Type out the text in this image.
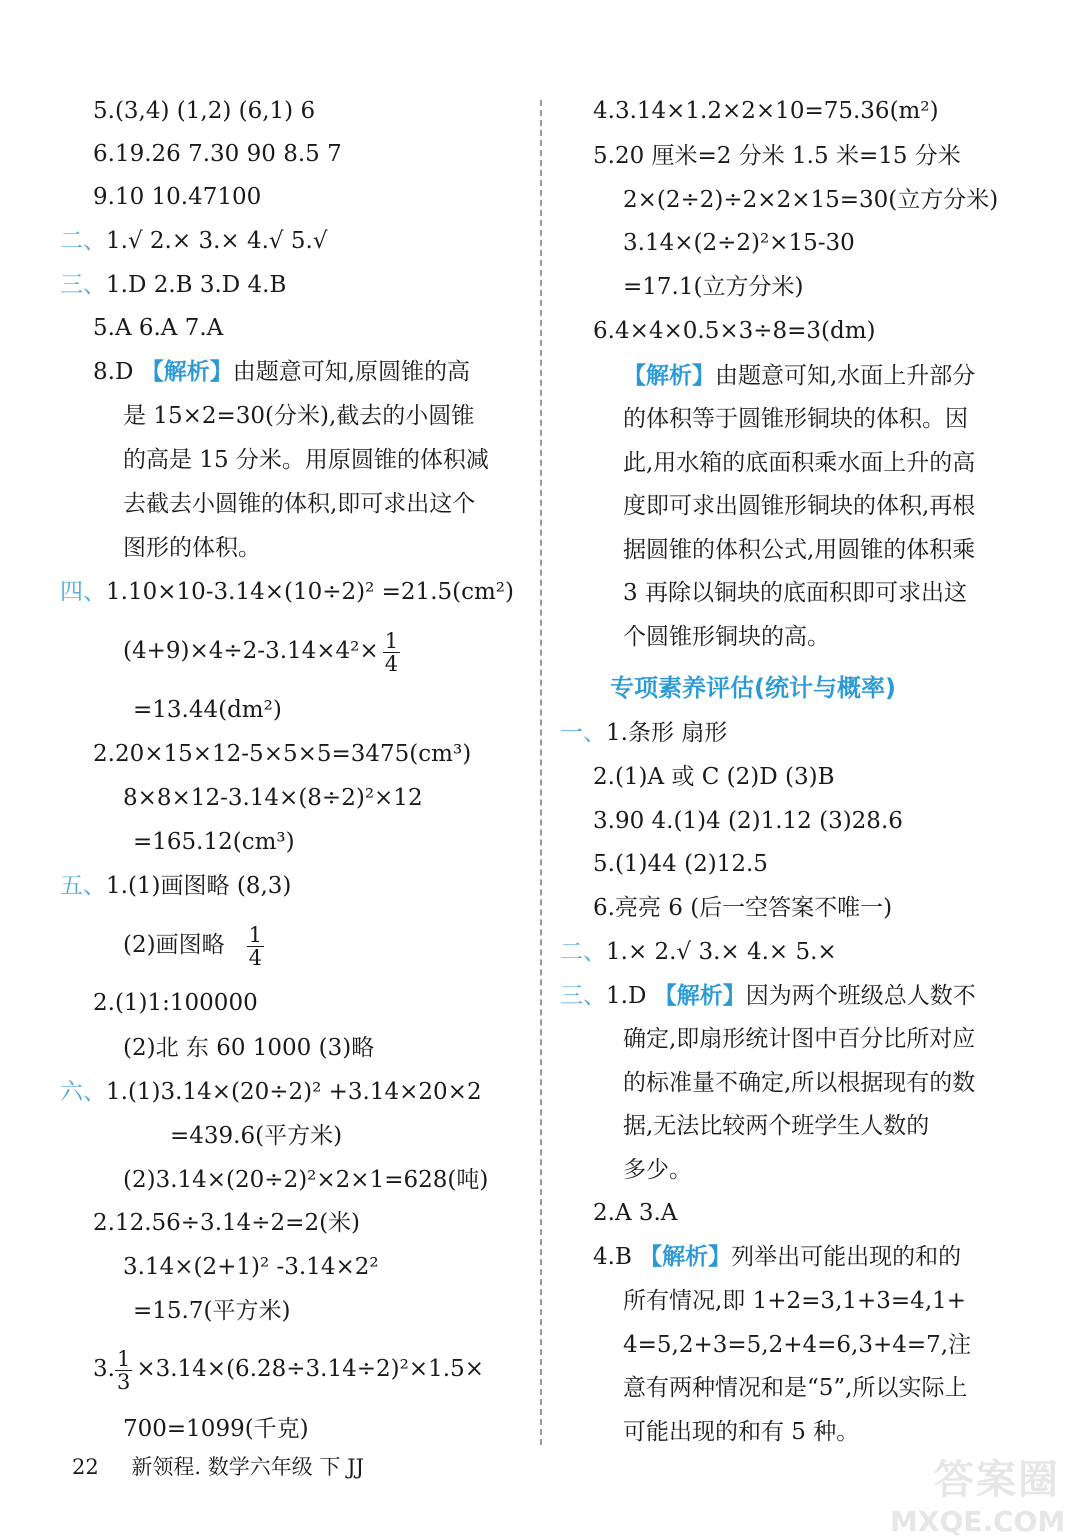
5.(3,4) (1,2) (6,1) 6
6.19.26 7.30 90 8.5 7
9.10 10.47100
二、1.√ 2.× 3.× 4.√ 5.√
三、1.D 2.B 3.D 4.B
5.A 6.A 7.A
8.D 【解析】由题意可知,原圆锥的高
是 15×2=30(分米),截去的小圆锥
的高是 15 分米。用原圆锥的体积减
去截去小圆锥的体积,即可求出这个
图形的体积。
四、1.10×10-3.14×(10÷2)² =21.5(cm²)
$(4+9)\times 4\div 2-3.14\times 4^2\times \frac{1}{4}$
=13.44(dm²)
2.20×15×12-5×5×5=3475(cm³)
8×8×12-3.14×(8÷2)²×12
=165.12(cm³)
五、1.(1)画图略 (8,3)
(2)画图略 $\frac{1}{4}$
2.(1)1:100000
(2)北 东 60 1000 (3)略
六、1.(1)3.14×(20÷2)² +3.14×20×2
=439.6(平方米)
(2)3.14×(20÷2)²×2×1=628(吨)
2.12.56÷3.14÷2=2(米)
3.14×(2+1)² -3.14×2²
=15.7(平方米)
3. $\frac{1}{3} \times 3.14\times(6.28\div 3.14\div 2)^2\times 1.5\times$
700=1099(千克)
4.3.14×1.2×2×10=75.36(m²)
5.20 厘米=2 分米 1.5 米=15 分米
2×(2÷2)÷2×2×15=30(立方分米)
3.14×(2÷2)²×15-30
=17.1(立方分米)
6.4×4×0.5×3÷8=3(dm)
【解析】由题意可知,水面上升部分
的体积等于圆锥形铜块的体积。因
此,用水箱的底面积乘水面上升的高
度即可求出圆锥形铜块的体积,再根
据圆锥的体积公式,用圆锥的体积乘
3 再除以铜块的底面积即可求出这
个圆锥形铜块的高。
专项素养评估(统计与概率)
一、1.条形 扇形
2.(1)A 或 C (2)D (3)B
3.90 4.(1)4 (2)1.12 (3)28.6
5.(1)44 (2)12.5
6.亮亮 6 (后一空答案不唯一)
二、1.× 2.√ 3.× 4.× 5.×
三、1.D 【解析】因为两个班级总人数不
确定,即扇形统计图中百分比所对应
的标准量不确定,所以根据现有的数
据,无法比较两个班学生人数的
多少。
2.A 3.A
4.B 【解析】列举出可能出现的和的
所有情况,即 1+2=3,1+3=4,1+
4=5,2+3=5,2+4=6,3+4=7,注
意有两种情况和是“5”,所以实际上
可能出现的和有 5 种。
22 新领程. 数学六年级 下 JJ	答案圈
MXQE.COM
